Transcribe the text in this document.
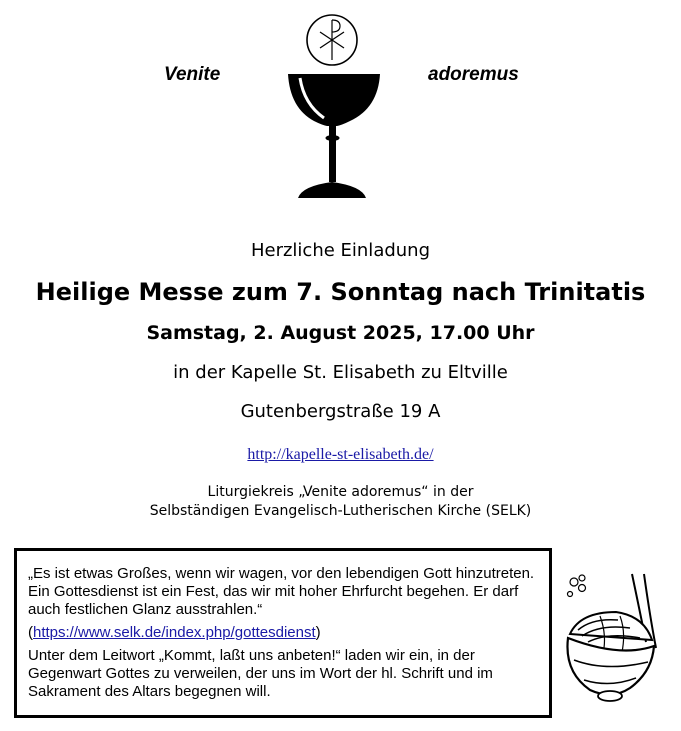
Venite	adoremus
Herzliche Einladung
Heilige Messe zum 7. Sonntag nach Trinitatis
Samstag, 2. August 2025, 17.00 Uhr
in der Kapelle St. Elisabeth zu Eltville
Gutenbergstraße 19 A
http://kapelle-st-elisabeth.de/
Liturgiekreis „Venite adoremus“ in der
Selbständigen Evangelisch-Lutherischen Kirche (SELK)

„Es ist etwas Großes, wenn wir wagen, vor den lebendigen Gott hinzutreten. Ein Gottesdienst ist ein Fest, das wir mit hoher Ehrfurcht begehen. Er darf auch festlichen Glanz ausstrahlen.“

(https://www.selk.de/index.php/gottesdienst)

Unter dem Leitwort „Kommt, laßt uns anbeten!“ laden wir ein, in der Gegenwart Gottes zu verweilen, der uns im Wort der hl. Schrift und im Sakrament des Altars begegnen will.
